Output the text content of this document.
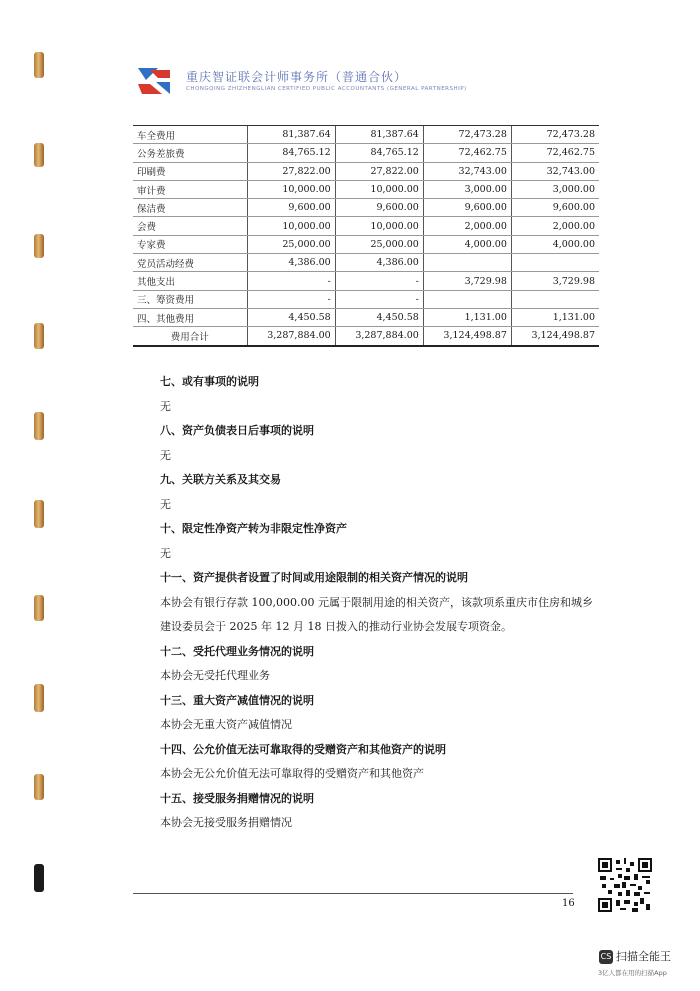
重庆智证联会计师事务所（普通合伙）
CHONGQING ZHIZHENGLIAN CERTIFIED PUBLIC ACCOUNTANTS (GENERAL PARTNERSHIP)
车全费用	81,387.64	81,387.64	72,473.28	72,473.28
公务差旅费	84,765.12	84,765.12	72,462.75	72,462.75
印刷费	27,822.00	27,822.00	32,743.00	32,743.00
审计费	10,000.00	10,000.00	3,000.00	3,000.00
保洁费	9,600.00	9,600.00	9,600.00	9,600.00
会费	10,000.00	10,000.00	2,000.00	2,000.00
专家费	25,000.00	25,000.00	4,000.00	4,000.00
党员活动经费	4,386.00	4,386.00		
其他支出	-	-	3,729.98	3,729.98
三、筹资费用	-	-		
四、其他费用	4,450.58	4,450.58	1,131.00	1,131.00
费用合计	3,287,884.00	3,287,884.00	3,124,498.87	3,124,498.87

七、或有事项的说明

无

八、资产负债表日后事项的说明

无

九、关联方关系及其交易

无

十、限定性净资产转为非限定性净资产

无

十一、资产提供者设置了时间或用途限制的相关资产情况的说明

本协会有银行存款 100,000.00 元属于限制用途的相关资产，该款项系重庆市住房和城乡

建设委员会于 2025 年 12 月 18 日拨入的推动行业协会发展专项资金。

十二、受托代理业务情况的说明

本协会无受托代理业务

十三、重大资产减值情况的说明

本协会无重大资产减值情况

十四、公允价值无法可靠取得的受赠资产和其他资产的说明

本协会无公允价值无法可靠取得的受赠资产和其他资产

十五、接受服务捐赠情况的说明

本协会无接受服务捐赠情况

16
CS 扫描全能王
3亿人都在用的扫描App
